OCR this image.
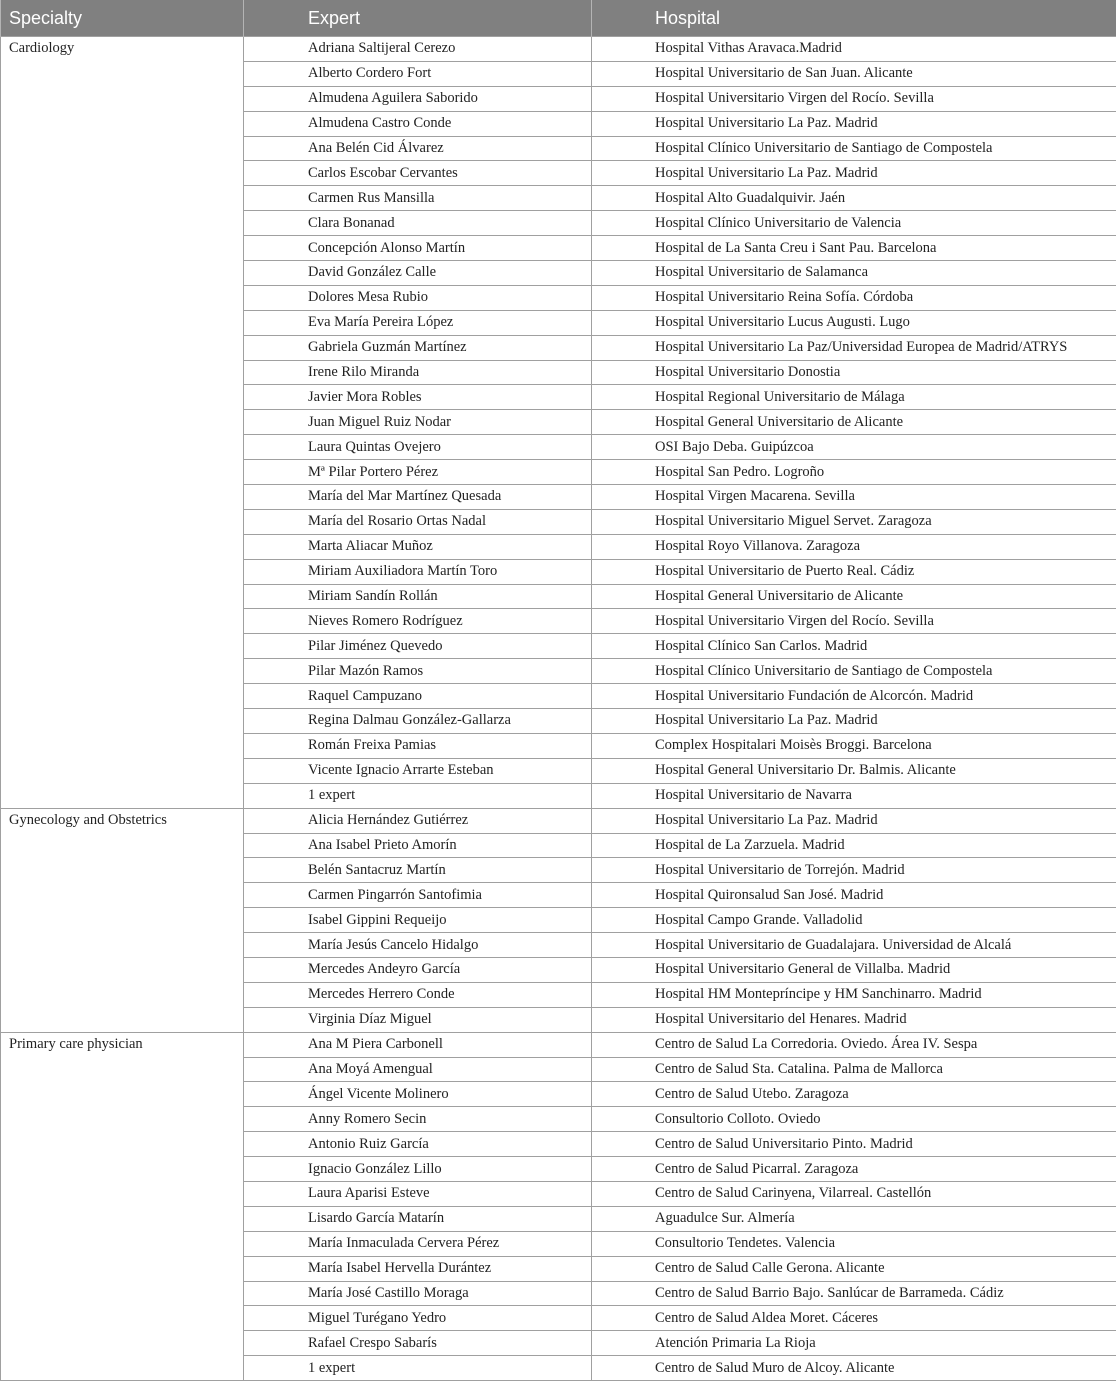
Specialty	Expert	Hospital
Cardiology	Adriana Saltijeral Cerezo	Hospital Vithas Aravaca.Madrid
	Alberto Cordero Fort	Hospital Universitario de San Juan. Alicante
	Almudena Aguilera Saborido	Hospital Universitario Virgen del Rocío. Sevilla
	Almudena Castro Conde	Hospital Universitario La Paz. Madrid
	Ana Belén Cid Álvarez	Hospital Clínico Universitario de Santiago de Compostela
	Carlos Escobar Cervantes	Hospital Universitario La Paz. Madrid
	Carmen Rus Mansilla	Hospital Alto Guadalquivir. Jaén
	Clara Bonanad	Hospital Clínico Universitario de Valencia
	Concepción Alonso Martín	Hospital de La Santa Creu i Sant Pau. Barcelona
	David González Calle	Hospital Universitario de Salamanca
	Dolores Mesa Rubio	Hospital Universitario Reina Sofía. Córdoba
	Eva María Pereira López	Hospital Universitario Lucus Augusti. Lugo
	Gabriela Guzmán Martínez	Hospital Universitario La Paz/Universidad Europea de Madrid/ATRYS
	Irene Rilo Miranda	Hospital Universitario Donostia
	Javier Mora Robles	Hospital Regional Universitario de Málaga
	Juan Miguel Ruiz Nodar	Hospital General Universitario de Alicante
	Laura Quintas Ovejero	OSI Bajo Deba. Guipúzcoa
	Mª Pilar Portero Pérez	Hospital San Pedro. Logroño
	María del Mar Martínez Quesada	Hospital Virgen Macarena. Sevilla
	María del Rosario Ortas Nadal	Hospital Universitario Miguel Servet. Zaragoza
	Marta Aliacar Muñoz	Hospital Royo Villanova. Zaragoza
	Miriam Auxiliadora Martín Toro	Hospital Universitario de Puerto Real. Cádiz
	Miriam Sandín Rollán	Hospital General Universitario de Alicante
	Nieves Romero Rodríguez	Hospital Universitario Virgen del Rocío. Sevilla
	Pilar Jiménez Quevedo	Hospital Clínico San Carlos. Madrid
	Pilar Mazón Ramos	Hospital Clínico Universitario de Santiago de Compostela
	Raquel Campuzano	Hospital Universitario Fundación de Alcorcón. Madrid
	Regina Dalmau González-Gallarza	Hospital Universitario La Paz. Madrid
	Román Freixa Pamias	Complex Hospitalari Moisès Broggi. Barcelona
	Vicente Ignacio Arrarte Esteban	Hospital General Universitario Dr. Balmis. Alicante
	1 expert	Hospital Universitario de Navarra
Gynecology and Obstetrics	Alicia Hernández Gutiérrez	Hospital Universitario La Paz. Madrid
	Ana Isabel Prieto Amorín	Hospital de La Zarzuela. Madrid
	Belén Santacruz Martín	Hospital Universitario de Torrejón. Madrid
	Carmen Pingarrón Santofimia	Hospital Quironsalud San José. Madrid
	Isabel Gippini Requeijo	Hospital Campo Grande. Valladolid
	María Jesús Cancelo Hidalgo	Hospital Universitario de Guadalajara. Universidad de Alcalá
	Mercedes Andeyro García	Hospital Universitario General de Villalba. Madrid
	Mercedes Herrero Conde	Hospital HM Montepríncipe y HM Sanchinarro. Madrid
	Virginia Díaz Miguel	Hospital Universitario del Henares. Madrid
Primary care physician	Ana M Piera Carbonell	Centro de Salud La Corredoria. Oviedo. Área IV. Sespa
	Ana Moyá Amengual	Centro de Salud Sta. Catalina. Palma de Mallorca
	Ángel Vicente Molinero	Centro de Salud Utebo. Zaragoza
	Anny Romero Secin	Consultorio Colloto. Oviedo
	Antonio Ruiz García	Centro de Salud Universitario Pinto. Madrid
	Ignacio González Lillo	Centro de Salud Picarral. Zaragoza
	Laura Aparisi Esteve	Centro de Salud Carinyena, Vilarreal. Castellón
	Lisardo García Matarín	Aguadulce Sur. Almería
	María Inmaculada Cervera Pérez	Consultorio Tendetes. Valencia
	María Isabel Hervella Durántez	Centro de Salud Calle Gerona. Alicante
	María José Castillo Moraga	Centro de Salud Barrio Bajo. Sanlúcar de Barrameda. Cádiz
	Miguel Turégano Yedro	Centro de Salud Aldea Moret. Cáceres
	Rafael Crespo Sabarís	Atención Primaria La Rioja
	1 expert	Centro de Salud Muro de Alcoy. Alicante
